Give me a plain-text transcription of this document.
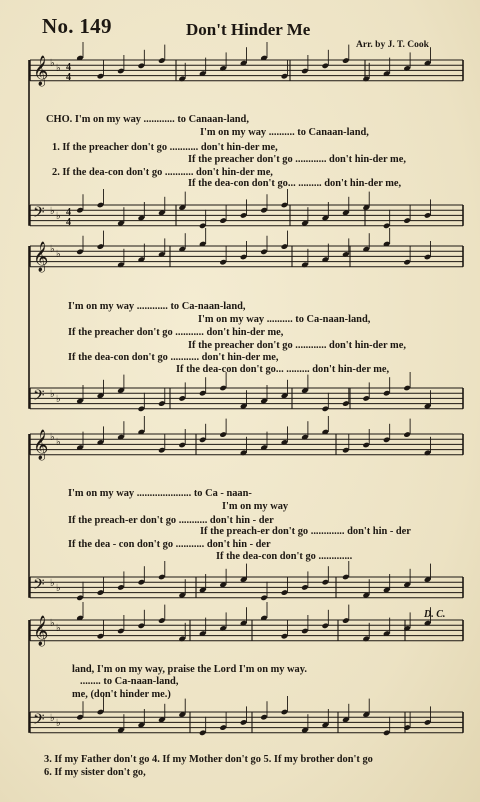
No. 149	Don't Hinder Me
Arr. by J. T. Cook
𝄞 ♭ ♭ 4
4
𝄢 ♭ ♭ 4
4
𝄞 ♭ ♭
𝄢 ♭ ♭
𝄞 ♭ ♭
𝄢 ♭ ♭
𝄞 ♭ ♭
𝄢 ♭ ♭
CHO. I'm on my way ............ to Canaan-land,
I'm on my way .......... to Canaan-land,
1. If the preacher don't go ........... don't hin-der me,
If the preacher don't go ............ don't hin-der me,
2. If the dea-con don't go ........... don't hin-der me,
If the dea-con don't go... ......... don't hin-der me,
I'm on my way ............ to Ca-naan-land,
I'm on my way .......... to Ca-naan-land,
If the preacher don't go ........... don't hin-der me,
If the preacher don't go ............ don't hin-der me,
If the dea-con don't go ........... don't hin-der me,
If the dea-con don't go... ......... don't hin-der me,
I'm on my way ..................... to Ca - naan-
I'm on my way
If the preach-er don't go ........... don't hin - der
If the preach-er don't go ............. don't hin - der
If the dea - con don't go ........... don't hin - der
If the dea-con don't go .............
D. C.
land, I'm on my way, praise the Lord I'm on my way.
........ to Ca-naan-land,
me, (don't hinder me.)
3. If my Father don't go 4. If my Mother don't go 5. If my brother don't go
6. If my sister don't go,
